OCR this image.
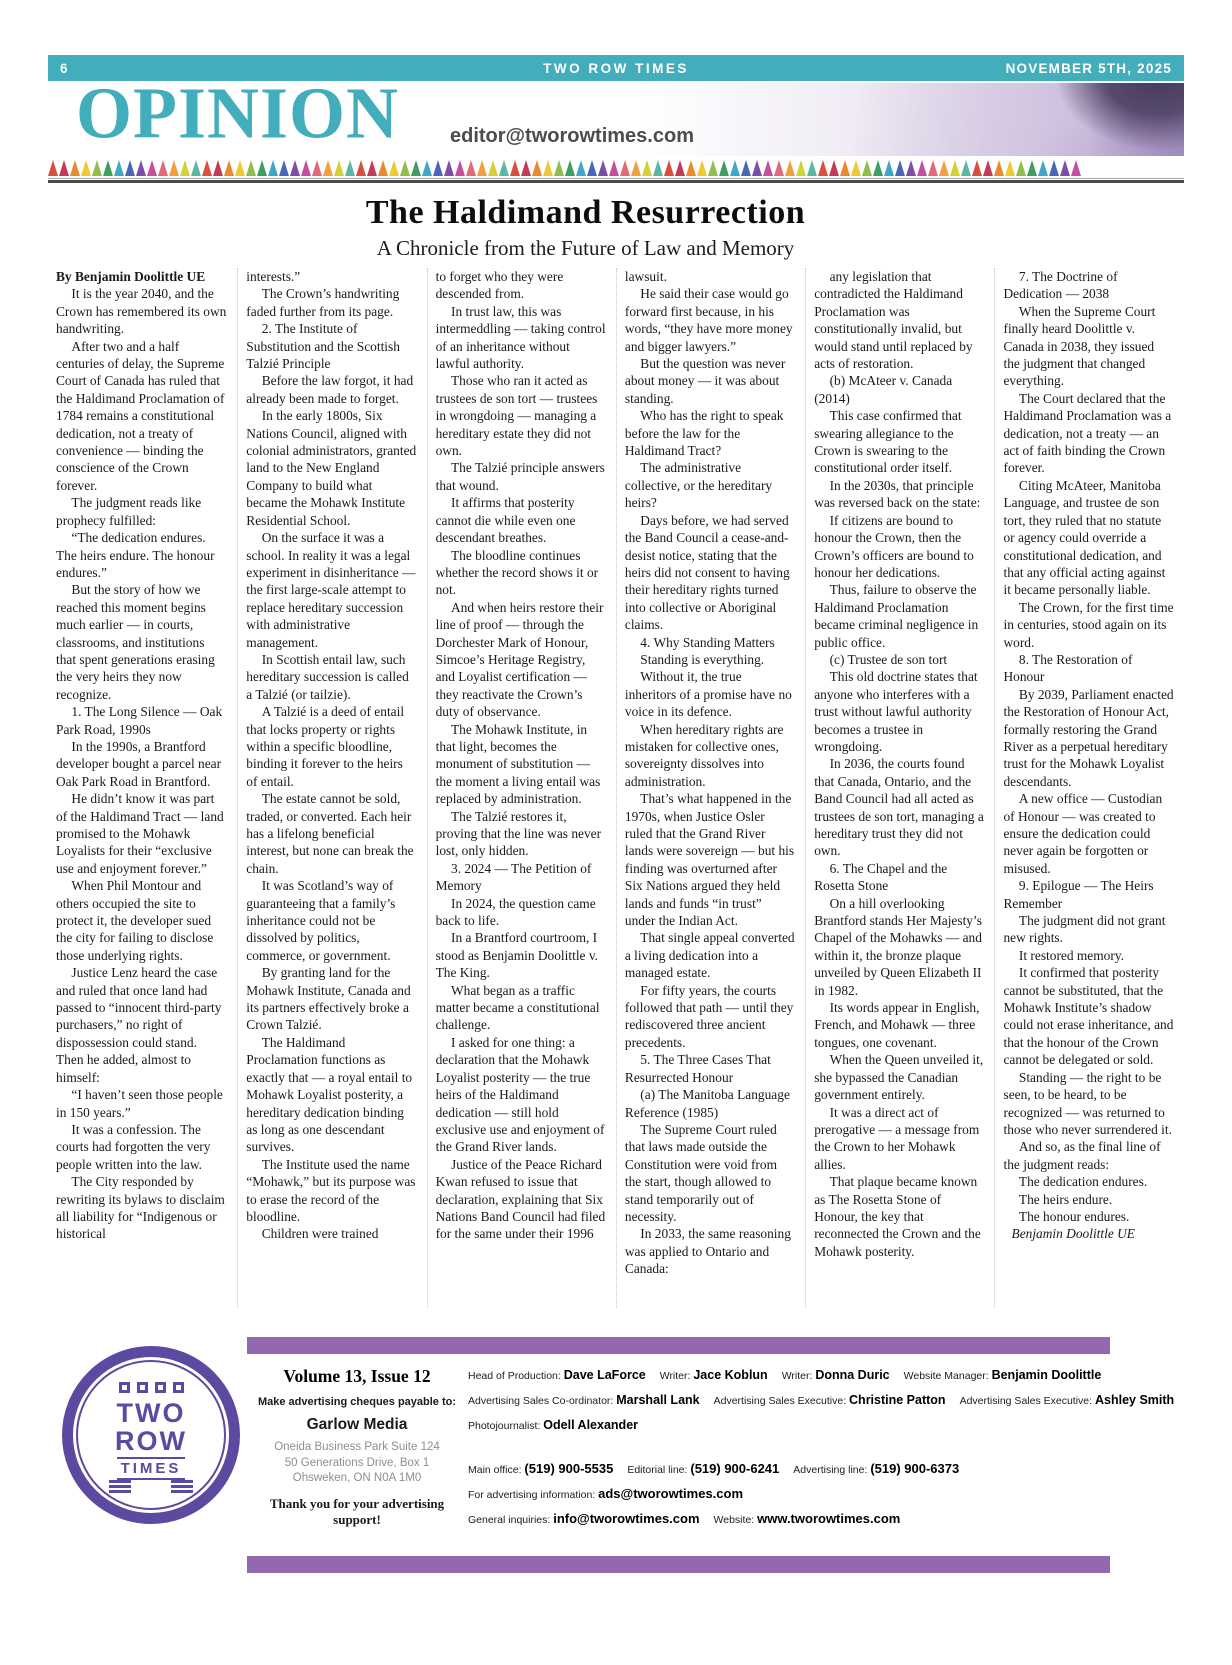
6	TWO ROW TIMES	NOVEMBER 5TH, 2025
OPINION	editor@tworowtimes.com
The Haldimand Resurrection
A Chronicle from the Future of Law and Memory

By Benjamin Doolittle UE

It is the year 2040, and the Crown has remembered its own handwriting.

After two and a half centuries of delay, the Supreme Court of Canada has ruled that the Haldimand Proclamation of 1784 remains a constitutional dedication, not a treaty of convenience — binding the conscience of the Crown forever.

The judgment reads like prophecy fulfilled:

“The dedication endures. The heirs endure. The honour endures.”

But the story of how we reached this moment begins much earlier — in courts, classrooms, and institutions that spent generations erasing the very heirs they now recognize.

1. The Long Silence — Oak Park Road, 1990s

In the 1990s, a Brantford developer bought a parcel near Oak Park Road in Brantford.

He didn’t know it was part of the Haldimand Tract — land promised to the Mohawk Loyalists for their “exclusive use and enjoyment forever.”

When Phil Montour and others occupied the site to protect it, the developer sued the city for failing to disclose those underlying rights.

Justice Lenz heard the case and ruled that once land had passed to “innocent third-party purchasers,” no right of dispossession could stand. Then he added, almost to himself:

“I haven’t seen those people in 150 years.”

It was a confession. The courts had forgotten the very people written into the law.

The City responded by rewriting its bylaws to disclaim all liability for “Indigenous or historical

interests.”

The Crown’s handwriting faded further from its page.

2. The Institute of Substitution and the Scottish Talzié Principle

Before the law forgot, it had already been made to forget.

In the early 1800s, Six Nations Council, aligned with colonial administrators, granted land to the New England Company to build what became the Mohawk Institute Residential School.

On the surface it was a school. In reality it was a legal experiment in disinheritance — the first large-scale attempt to replace hereditary succession with administrative management.

In Scottish entail law, such hereditary succession is called a Talzié (or tailzie).

A Talzié is a deed of entail that locks property or rights within a specific bloodline, binding it forever to the heirs of entail.

The estate cannot be sold, traded, or converted. Each heir has a lifelong beneficial interest, but none can break the chain.

It was Scotland’s way of guaranteeing that a family’s inheritance could not be dissolved by politics, commerce, or government.

By granting land for the Mohawk Institute, Canada and its partners effectively broke a Crown Talzié.

The Haldimand Proclamation functions as exactly that — a royal entail to Mohawk Loyalist posterity, a hereditary dedication binding as long as one descendant survives.

The Institute used the name “Mohawk,” but its purpose was to erase the record of the bloodline.

Children were trained

to forget who they were descended from.

In trust law, this was intermeddling — taking control of an inheritance without lawful authority.

Those who ran it acted as trustees de son tort — trustees in wrongdoing — managing a hereditary estate they did not own.

The Talzié principle answers that wound.

It affirms that posterity cannot die while even one descendant breathes.

The bloodline continues whether the record shows it or not.

And when heirs restore their line of proof — through the Dorchester Mark of Honour, Simcoe’s Heritage Registry, and Loyalist certification — they reactivate the Crown’s duty of observance.

The Mohawk Institute, in that light, becomes the monument of substitution — the moment a living entail was replaced by administration.

The Talzié restores it, proving that the line was never lost, only hidden.

3. 2024 — The Petition of Memory

In 2024, the question came back to life.

In a Brantford courtroom, I stood as Benjamin Doolittle v. The King.

What began as a traffic matter became a constitutional challenge.

I asked for one thing: a declaration that the Mohawk Loyalist posterity — the true heirs of the Haldimand dedication — still hold exclusive use and enjoyment of the Grand River lands.

Justice of the Peace Richard Kwan refused to issue that declaration, explaining that Six Nations Band Council had filed for the same under their 1996

lawsuit.

He said their case would go forward first because, in his words, “they have more money and bigger lawyers.”

But the question was never about money — it was about standing.

Who has the right to speak before the law for the Haldimand Tract?

The administrative collective, or the hereditary heirs?

Days before, we had served the Band Council a cease-and-desist notice, stating that the heirs did not consent to having their hereditary rights turned into collective or Aboriginal claims.

4. Why Standing Matters

Standing is everything.

Without it, the true inheritors of a promise have no voice in its defence.

When hereditary rights are mistaken for collective ones, sovereignty dissolves into administration.

That’s what happened in the 1970s, when Justice Osler ruled that the Grand River lands were sovereign — but his finding was overturned after Six Nations argued they held lands and funds “in trust” under the Indian Act.

That single appeal converted a living dedication into a managed estate.

For fifty years, the courts followed that path — until they rediscovered three ancient precedents.

5. The Three Cases That Resurrected Honour

(a) The Manitoba Language Reference (1985)

The Supreme Court ruled that laws made outside the Constitution were void from the start, though allowed to stand temporarily out of necessity.

In 2033, the same reasoning was applied to Ontario and Canada:

any legislation that contradicted the Haldimand Proclamation was constitutionally invalid, but would stand until replaced by acts of restoration.

(b) McAteer v. Canada (2014)

This case confirmed that swearing allegiance to the Crown is swearing to the constitutional order itself.

In the 2030s, that principle was reversed back on the state:

If citizens are bound to honour the Crown, then the Crown’s officers are bound to honour her dedications.

Thus, failure to observe the Haldimand Proclamation became criminal negligence in public office.

(c) Trustee de son tort

This old doctrine states that anyone who interferes with a trust without lawful authority becomes a trustee in wrongdoing.

In 2036, the courts found that Canada, Ontario, and the Band Council had all acted as trustees de son tort, managing a hereditary trust they did not own.

6. The Chapel and the Rosetta Stone

On a hill overlooking Brantford stands Her Majesty’s Chapel of the Mohawks — and within it, the bronze plaque unveiled by Queen Elizabeth II in 1982.

Its words appear in English, French, and Mohawk — three tongues, one covenant.

When the Queen unveiled it, she bypassed the Canadian government entirely.

It was a direct act of prerogative — a message from the Crown to her Mohawk allies.

That plaque became known as The Rosetta Stone of Honour, the key that reconnected the Crown and the Mohawk posterity.

7. The Doctrine of Dedication — 2038

When the Supreme Court finally heard Doolittle v. Canada in 2038, they issued the judgment that changed everything.

The Court declared that the Haldimand Proclamation was a dedication, not a treaty — an act of faith binding the Crown forever.

Citing McAteer, Manitoba Language, and trustee de son tort, they ruled that no statute or agency could override a constitutional dedication, and that any official acting against it became personally liable.

The Crown, for the first time in centuries, stood again on its word.

8. The Restoration of Honour

By 2039, Parliament enacted the Restoration of Honour Act, formally restoring the Grand River as a perpetual hereditary trust for the Mohawk Loyalist descendants.

A new office — Custodian of Honour — was created to ensure the dedication could never again be forgotten or misused.

9. Epilogue — The Heirs Remember

The judgment did not grant new rights.

It restored memory.

It confirmed that posterity cannot be substituted, that the Mohawk Institute’s shadow could not erase inheritance, and that the honour of the Crown cannot be delegated or sold.

Standing — the right to be seen, to be heard, to be recognized — was returned to those who never surrendered it.

And so, as the final line of the judgment reads:

The dedication endures.

The heirs endure.

The honour endures.

Benjamin Doolittle UE

TWO
ROW
TIMES
Volume 13, Issue 12
Make advertising cheques payable to:
Garlow Media
Oneida Business Park Suite 124
50 Generations Drive, Box 1
Ohsweken, ON N0A 1M0
Thank you for your advertising support!
Head of Production: Dave LaForce Writer: Jace Koblun Writer: Donna Duric Website Manager: Benjamin Doolittle
Advertising Sales Co-ordinator: Marshall Lank Advertising Sales Executive: Christine Patton Advertising Sales Executive: Ashley Smith
Photojournalist: Odell Alexander
Main office: (519) 900-5535 Editorial line: (519) 900-6241 Advertising line: (519) 900-6373
For advertising information: ads@tworowtimes.com
General inquiries: info@tworowtimes.com Website: www.tworowtimes.com
